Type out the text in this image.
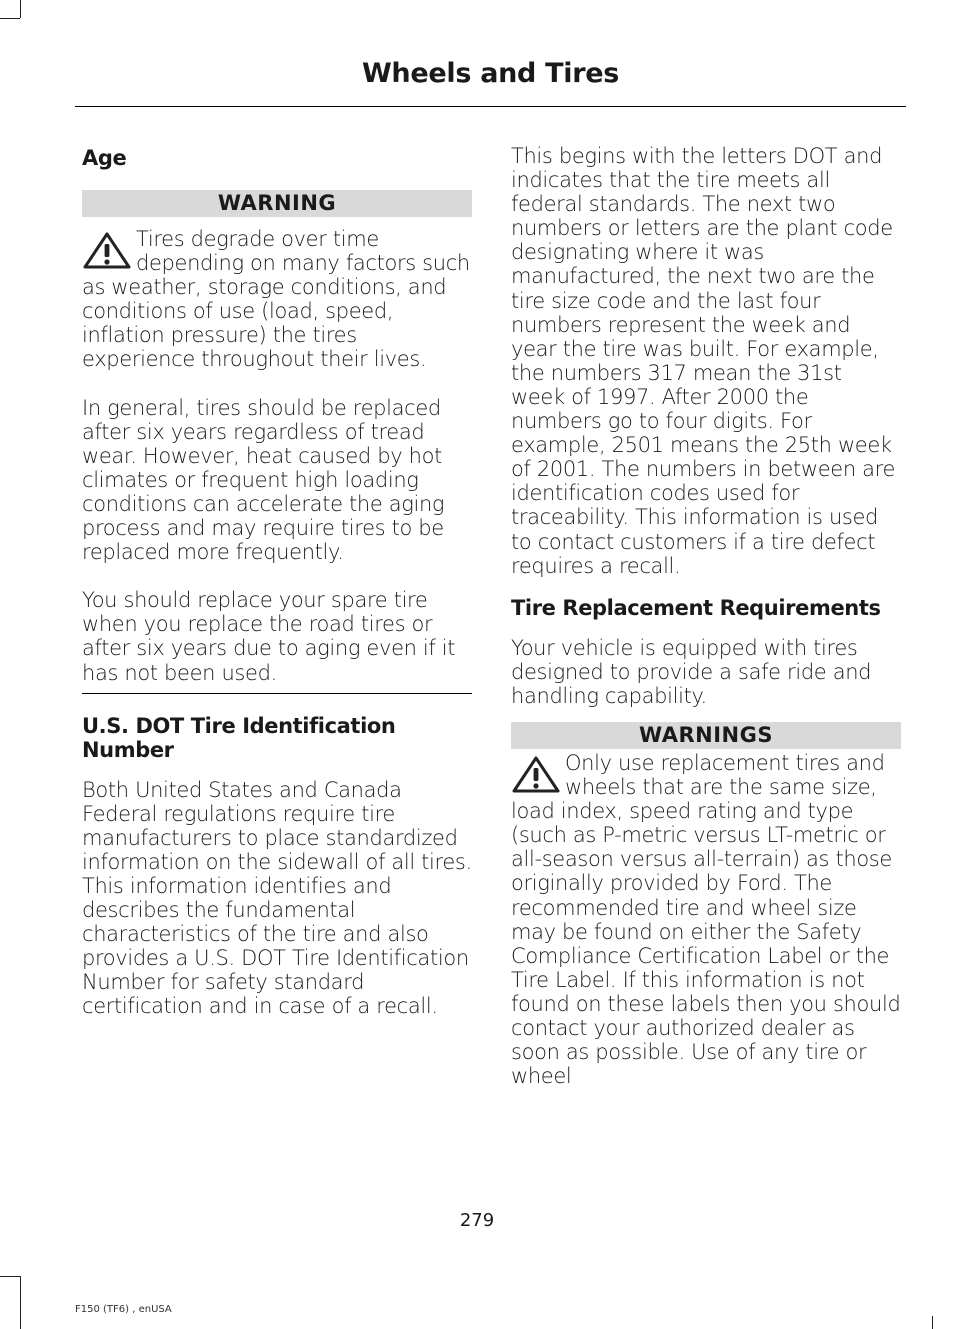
Wheels and Tires
Age
WARNING
Tires degrade over time depending on many factors such as weather, storage conditions, and conditions of use (load, speed, inflation pressure) the tires experience throughout their lives.

In general, tires should be replaced after six years regardless of tread wear. However, heat caused by hot climates or frequent high loading conditions can accelerate the aging process and may require tires to be replaced more frequently.

You should replace your spare tire when you replace the road tires or after six years due to aging even if it has not been used.

U.S. DOT Tire Identification Number

Both United States and Canada Federal regulations require tire manufacturers to place standardized information on the sidewall of all tires. This information identifies and describes the fundamental characteristics of the tire and also provides a U.S. DOT Tire Identification Number for safety standard certification and in case of a recall.

This begins with the letters DOT and indicates that the tire meets all federal standards. The next two numbers or letters are the plant code designating where it was manufactured, the next two are the tire size code and the last four numbers represent the week and year the tire was built. For example, the numbers 317 mean the 31st week of 1997. After 2000 the numbers go to four digits. For example, 2501 means the 25th week of 2001. The numbers in between are identification codes used for traceability. This information is used to contact customers if a tire defect requires a recall.

Tire Replacement Requirements

Your vehicle is equipped with tires designed to provide a safe ride and handling capability.

WARNINGS
Only use replacement tires and wheels that are the same size, load index, speed rating and type (such as P-metric versus LT-metric or all-season versus all-terrain) as those originally provided by Ford. The recommended tire and wheel size may be found on either the Safety Compliance Certification Label or the Tire Label. If this information is not found on these labels then you should contact your authorized dealer as soon as possible. Use of any tire or wheel
279
F150 (TF6) , enUSA
